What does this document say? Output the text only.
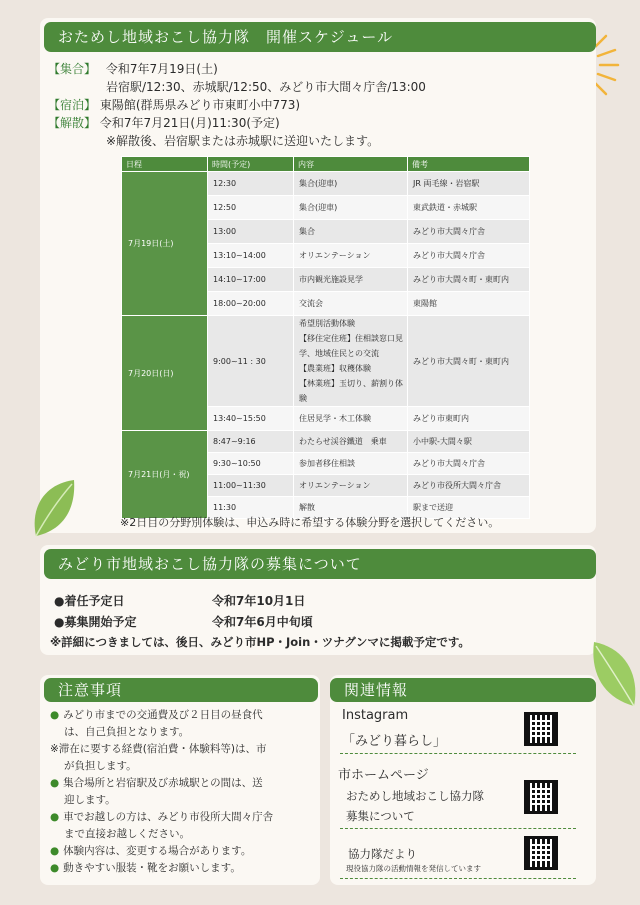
おためし地域おこし協力隊　開催スケジュール
【集合】 令和7年7月19日(土)
岩宿駅/12:30、赤城駅/12:50、みどり市大間々庁舎/13:00
【宿泊】 東陽館(群馬県みどり市東町小中773)
【解散】 令和7年7月21日(月)11:30(予定)
※解散後、岩宿駅または赤城駅に送迎いたします。
日程	時間(予定)	内容	備考
7月19日(土)	12:30	集合(迎車)	JR 両毛線・岩宿駅
	12:50	集合(迎車)	東武鉄道・赤城駅
	13:00	集合	みどり市大間々庁舎
	13:10~14:00	オリエンテーション	みどり市大間々庁舎
	14:10~17:00	市内観光施設見学	みどり市大間々町・東町内
	18:00~20:00	交流会	東陽館
7月20日(日)	9:00~11 : 30	希望別活動体験
【移住定住班】住相談窓口見
学、地域住民との交流
【農業班】収穫体験
【林業班】玉切り、薪割り体験	みどり市大間々町・東町内
	13:40~15:50	住居見学・木工体験	みどり市東町内
7月21日(月・祝)	8:47~9:16	わたらせ渓谷鐵道　乗車	小中駅-大間々駅
	9:30~10:50	参加者移住相談	みどり市大間々庁舎
	11:00~11:30	オリエンテーション	みどり市役所大間々庁舎
	11:30	解散	駅まで送迎
※2日目の分野別体験は、申込み時に希望する体験分野を選択してください。
みどり市地域おこし協力隊の募集について
●着任予定日	令和7年10月1日
●募集開始予定	令和7年6月中旬頃
※詳細につきましては、後日、みどり市HP・Join・ツナグンマに掲載予定です。
注意事項
● みどり市までの交通費及び２日目の昼食代
は、自己負担となります。
※滞在に要する経費(宿泊費・体験料等)は、市
が負担します。
● 集合場所と岩宿駅及び赤城駅との間は、送
迎します。
● 車でお越しの方は、みどり市役所大間々庁舎
まで直接お越しください。
● 体験内容は、変更する場合があります。
● 動きやすい服装・靴をお願いします。
関連情報
Instagram
「みどり暮らし」
市ホームページ
おためし地域おこし協力隊
募集について
協力隊だより
現役協力隊の活動情報を発信しています
